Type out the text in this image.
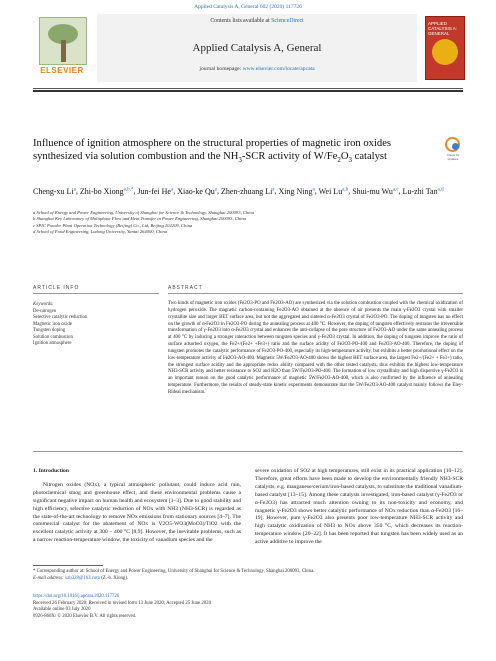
Applied Catalysis A, General 602 (2020) 117726
ELSEVIER
Contents lists available at ScienceDirect
Applied Catalysis A, General
journal homepage: www.elsevier.com/locate/apcata
APPLIED CATALYSIS A: GENERAL
Influence of ignition atmosphere on the structural properties of magnetic iron oxides synthesized via solution combustion and the $NH_3$-SCR activity of $W/Fe_2O_3$ catalyst	Check for updates
Cheng-xu Li$^a$, Zhi-bo Xiong$^{a,b,*}$, Jun-fei He$^a$, Xiao-ke Qu$^a$, Zhen-zhuang Li$^a$, Xing Ning$^a$, Wei Lu$^{a,b}$, Shui-mu Wu$^{a,c}$, Lu-zhi Tan$^{a,d}$
a School of Energy and Power Engineering, University of Shanghai for Science & Technology, Shanghai 200093, China
b Shanghai Key Laboratory of Multiphase Flow and Heat Transfer in Power Engineering, Shanghai 200093, China
c SPIC Powder Plant Operation Technology (Beijing) Co., Ltd, Beijing 102209, China
d School of Food Engineering, Ludong University, Yantai 264000, China
ARTICLE INFO	ABSTRACT
Keywords:
De-nitrogen
Selective catalytic reduction
Magnetic iron oxide
Tungsten doping
Solution combustion
Ignition atmosphere
Two kinds of magnetic iron oxides (Fe2O3-PO and Fe2O3-AO) are synthesized via the solution combustion coupled with the chemical oxidization of hydrogen peroxide. The magnetic carbon-containing Fe2O3-AO obtained at the absence of air presents the main γ-Fe2O3 crystal with smaller crystallite size and larger BET surface area, but not the aggregated and sintered α-Fe2O3 crystal of Fe2O3-PO. The doping of tungsten has no effect on the growth of α-Fe2O3 in Fe2O3-PO during the annealing process at 400 °C. However, the doping of tungsten effectively restrains the irreversible transformation of γ-Fe2O3 into α-Fe2O3 crystal and enhances the anti-collapse of the pore structure of Fe2O3-AO under the same annealing process at 400 °C by inducing a stronger interaction between tungsten species and γ-Fe2O3 crystal. In addition, the doping of tungsten improve the ratio of surface adsorbed oxygen, the Fe2+/(Fe2+ +Fe3+) ratio and the surface acidity of Fe2O3-PO-400 and Fe2O3-AO-400. Therefore, the doping of tungsten promotes the catalytic performance of Fe2O3-PO-400, especially its high-temperature activity, but exhibits a better promotional effect on the low-temperature activity of Fe2O3-AO-400. Magnetic 5W/Fe2O3-AO-400 shows the highest BET surface area, the largest Fe2+/(Fe2+ + Fe3+) ratio, the strongest surface acidity and the appropriate redox ability compared with the other tested catalysts, thus exhibits the highest low-temperature NH3-SCR activity and better resistance to SO2 and H2O than 5W/Fe2O3-PO-400. The formation of low crystallinity and high dispersive γ-Fe2O3 is an important reason on the good catalytic performance of magnetic 5W/Fe2O3-AO-400, which is also confirmed by the influence of annealing temperature. Furthermore, the results of steady-state kinetic experiments demonstrate that the 5W/Fe2O3-AO-400 catalyst mainly follows the Eley-Rideal mechanism.
1. Introduction
Nitrogen oxides (NOx), a typical atmospheric pollutant, could induce acid rain, photochemical smog and greenhouse effect, and these environmental problems cause a significant negative impact on human health and ecosystem [1–3]. Due to good stability and high efficiency, selective catalytic reduction of NOx with NH3 (NH3-SCR) is regarded as the state-of-the-art technology to remove NOx emissions from stationary sources [4–7]. The commercial catalyst for the abatement of NOx is V2O5-WO3(MoO3)/TiO2 with the excellent catalytic activity at 300 − 400 °C [8,9]. However, the inevitable problems, such as a narrow reaction-temperature window, the toxicity of vanadium species and the
severe oxidation of SO2 at high temperatures, still exist in its practical application [10–12]. Therefore, great efforts have been made to develop the environmentally friendly NH3-SCR catalysts, e.g. manganese/cerium/iron-based catalysts, to substitute the traditional vanadium-based catalyst [13–15]. Among these catalysts investigated, iron-based catalyst (γ-Fe2O3 or α-Fe2O3) has attracted much attention owning to its non-toxicity and economy, and magnetic γ-Fe2O3 shows better catalytic performance of NOx reduction than α-Fe2O3 [16–19]. However, pure γ-Fe2O3 also presents poor low-temperature NH3-SCR activity and high catalytic oxidization of NH3 to NOx above 350 °C, which decreases its reaction-temperature window [20–22]. It has been reported that tungsten has been widely used as an active additive to improve the
* Corresponding author at: School of Energy and Power Engineering, University of Shanghai for Science & Technology, Shanghai 200093, China.
E-mail address: xzb328@163.com (Z.-b. Xiong).
https://doi.org/10.1016/j.apcata.2020.117726
Received 26 February 2020; Received in revised form 13 June 2020; Accepted 25 June 2020
Available online 03 July 2020
0926-860X/ © 2020 Elsevier B.V. All rights reserved.
